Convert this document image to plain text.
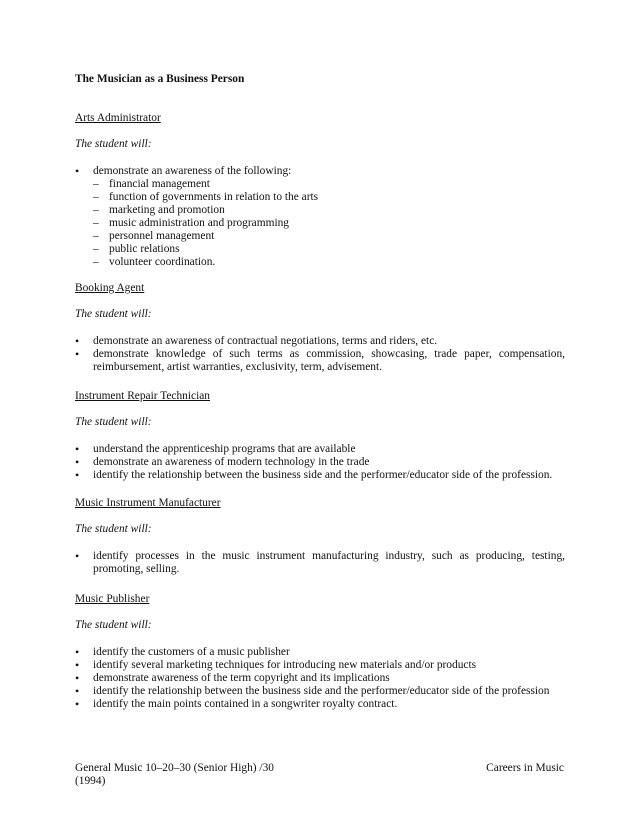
The Musician as a Business Person

Arts Administrator

The student will:

• demonstrate an awareness of the following:
– financial management
– function of governments in relation to the arts
– marketing and promotion
– music administration and programming
– personnel management
– public relations
– volunteer coordination.

Booking Agent

The student will:

• demonstrate an awareness of contractual negotiations, terms and riders, etc.
• demonstrate knowledge of such terms as commission, showcasing, trade paper, compensation, reimbursement, artist warranties, exclusivity, term, advisement.

Instrument Repair Technician

The student will:

• understand the apprenticeship programs that are available
• demonstrate an awareness of modern technology in the trade
• identify the relationship between the business side and the performer/educator side of the profession.

Music Instrument Manufacturer

The student will:

• identify processes in the music instrument manufacturing industry, such as producing, testing, promoting, selling.

Music Publisher

The student will:

• identify the customers of a music publisher
• identify several marketing techniques for introducing new materials and/or products
• demonstrate awareness of the term copyright and its implications
• identify the relationship between the business side and the performer/educator side of the profession
• identify the main points contained in a songwriter royalty contract.
General Music 10–20–30 (Senior High) /30
(1994)
Careers in Music
